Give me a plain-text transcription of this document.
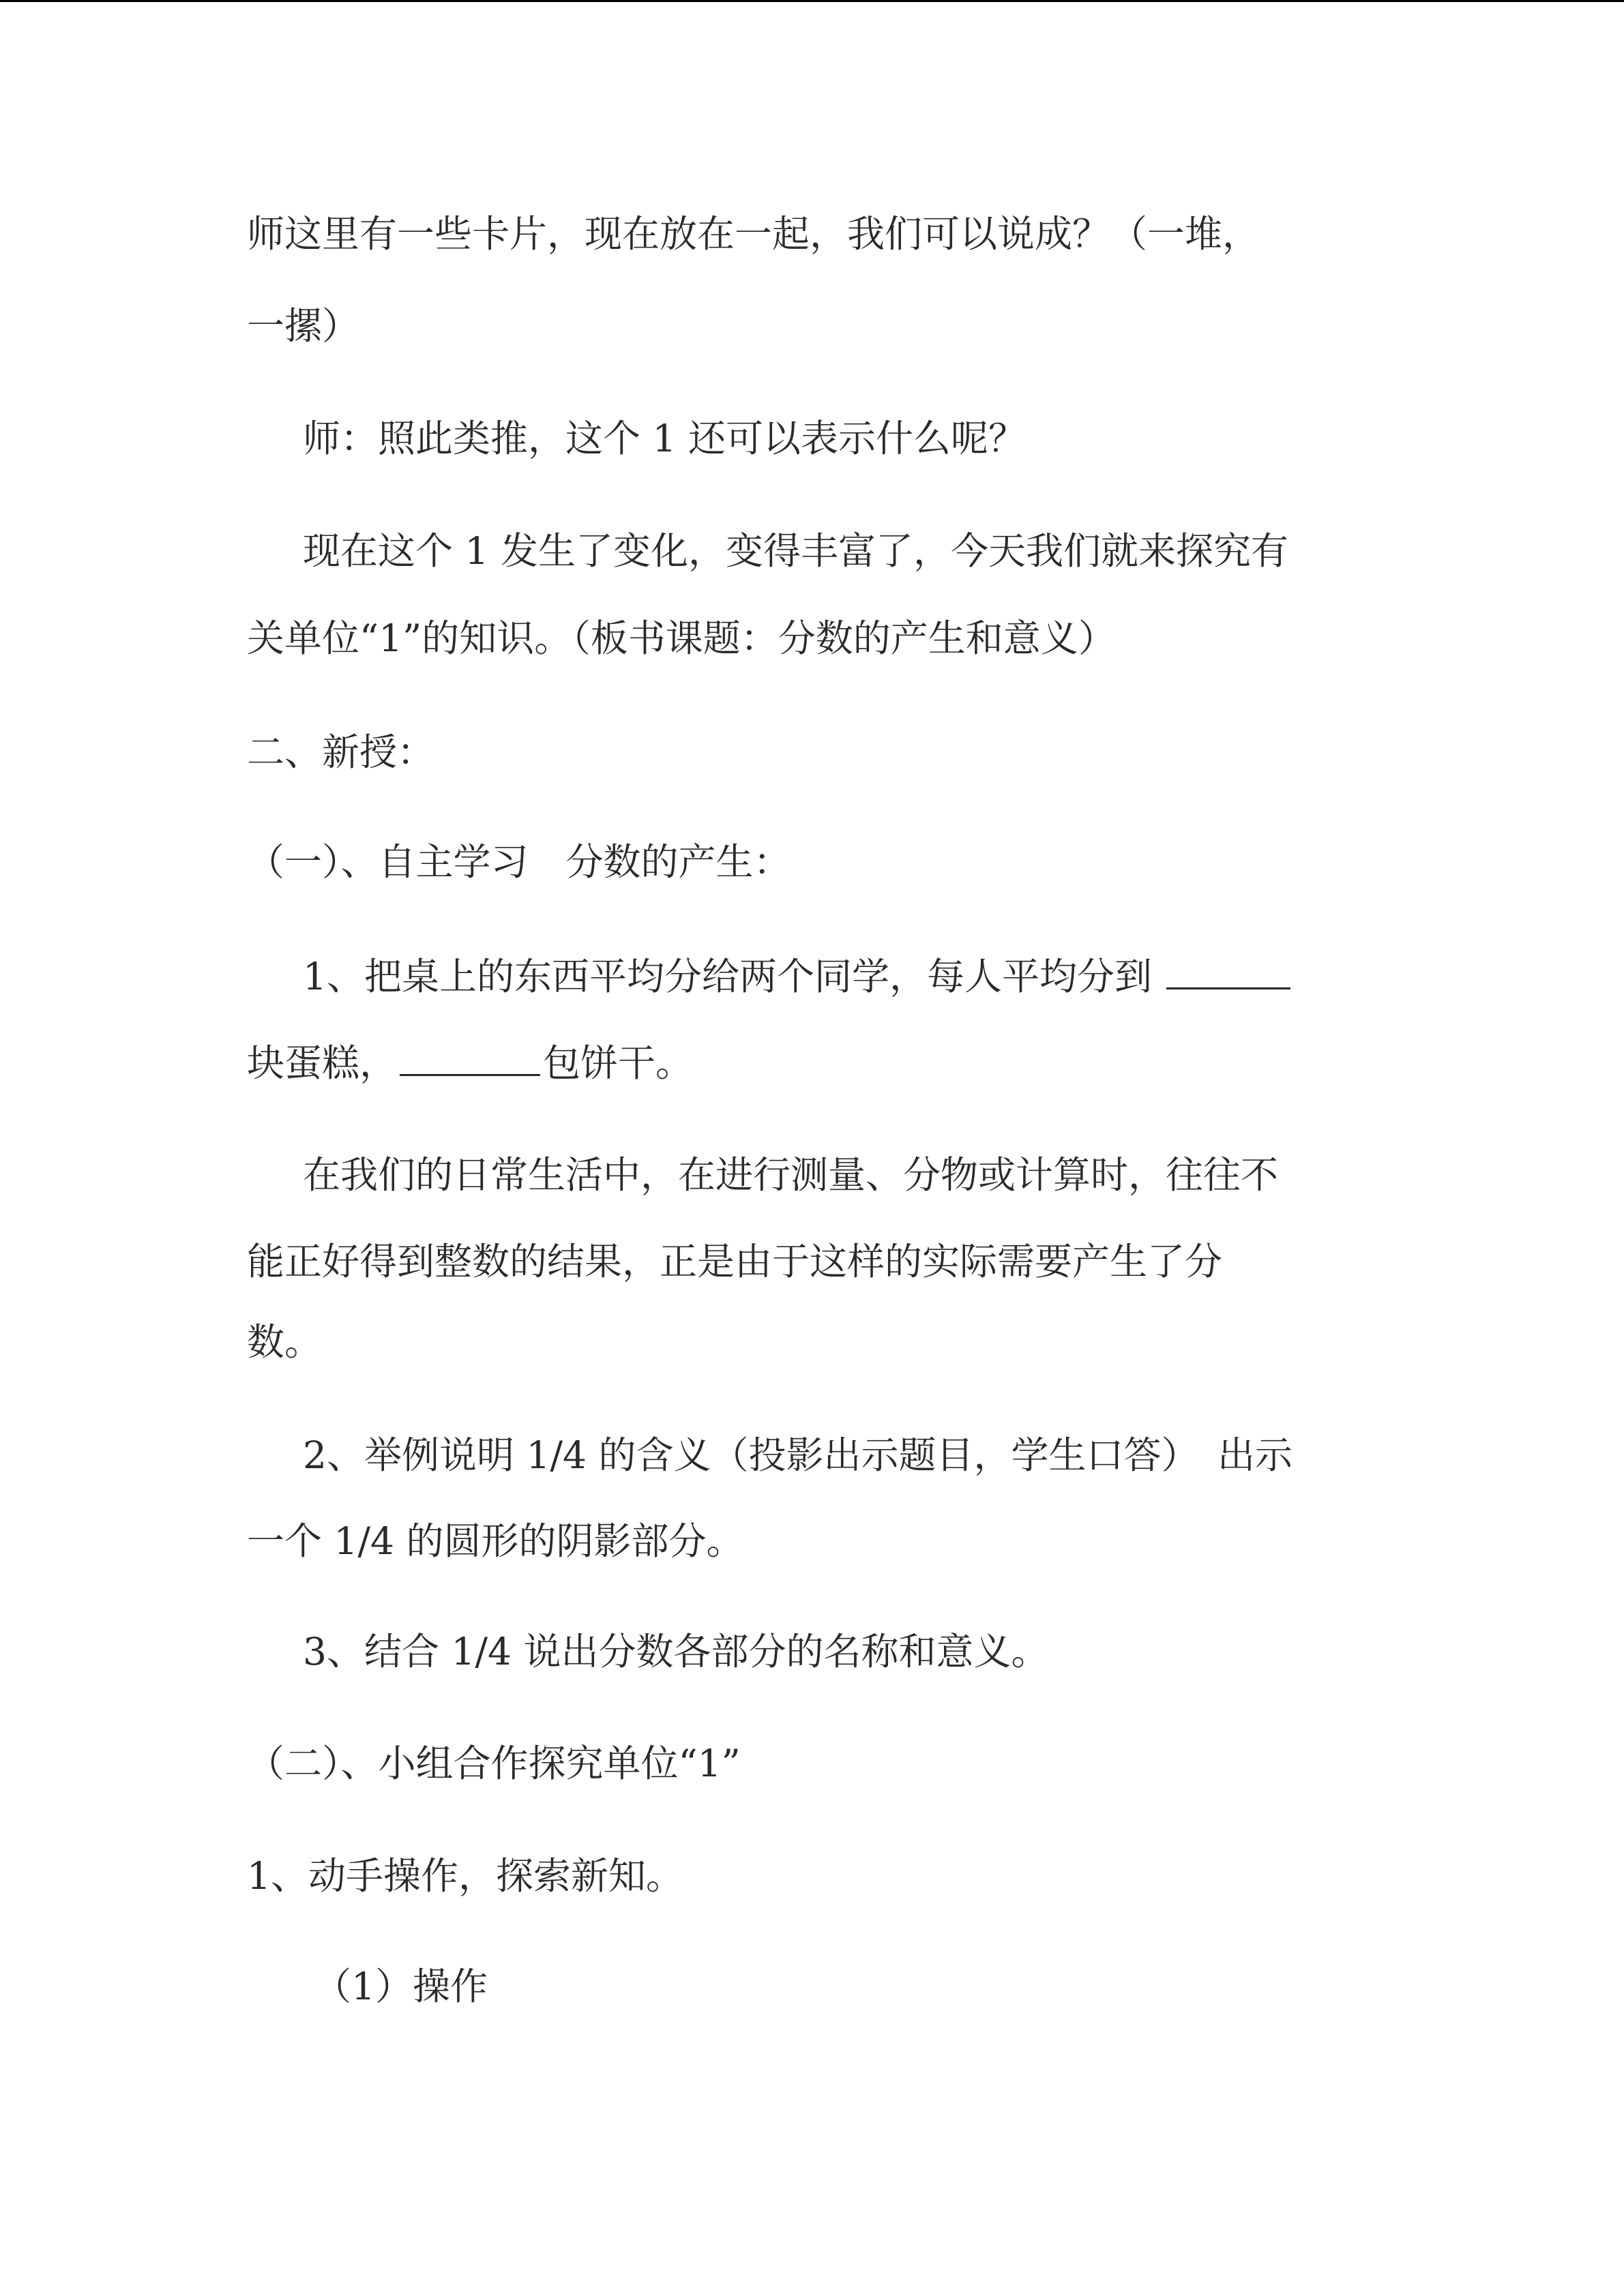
师这里有一些卡片，现在放在一起，我们可以说成？（一堆，
一摞）
师：照此类推，这个 1 还可以表示什么呢？
现在这个 1 发生了变化，变得丰富了，今天我们就来探究有
关单位“1”的知识。（板书课题：分数的产生和意义）
二、新授：
（一）、自主学习　分数的产生：
1、把桌上的东西平均分给两个同学，每人平均分到
块蛋糕，	包饼干。
在我们的日常生活中，在进行测量、分物或计算时，往往不
能正好得到整数的结果，正是由于这样的实际需要产生了分
数。
2、举例说明 1/4 的含义（投影出示题目，学生口答）　出示
一个 1/4 的圆形的阴影部分。
3、结合 1/4 说出分数各部分的名称和意义。
（二）、小组合作探究单位“1”
1、动手操作，探索新知。
（1）操作
